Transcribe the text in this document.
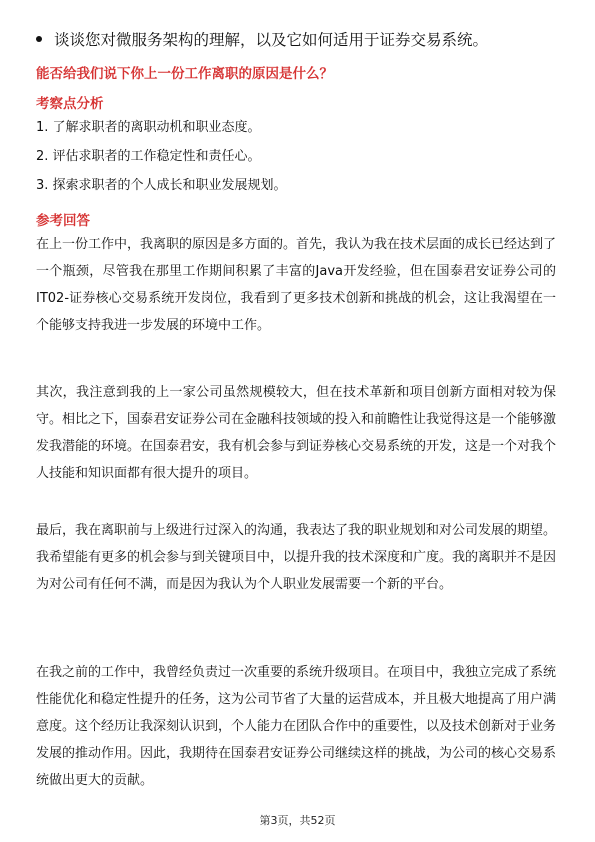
谈谈您对微服务架构的理解，以及它如何适用于证券交易系统。
能否给我们说下你上一份工作离职的原因是什么？
考察点分析
1. 了解求职者的离职动机和职业态度。
2. 评估求职者的工作稳定性和责任心。
3. 探索求职者的个人成长和职业发展规划。
参考回答

在上一份工作中，我离职的原因是多方面的。首先，我认为我在技术层面的成长已经达到了一个瓶颈，尽管我在那里工作期间积累了丰富的Java开发经验，但在国泰君安证券公司的IT02-证券核心交易系统开发岗位，我看到了更多技术创新和挑战的机会，这让我渴望在一个能够支持我进一步发展的环境中工作。

其次，我注意到我的上一家公司虽然规模较大，但在技术革新和项目创新方面相对较为保守。相比之下，国泰君安证券公司在金融科技领域的投入和前瞻性让我觉得这是一个能够激发我潜能的环境。在国泰君安，我有机会参与到证券核心交易系统的开发，这是一个对我个人技能和知识面都有很大提升的项目。

最后，我在离职前与上级进行过深入的沟通，我表达了我的职业规划和对公司发展的期望。我希望能有更多的机会参与到关键项目中，以提升我的技术深度和广度。我的离职并不是因为对公司有任何不满，而是因为我认为个人职业发展需要一个新的平台。

在我之前的工作中，我曾经负责过一次重要的系统升级项目。在项目中，我独立完成了系统性能优化和稳定性提升的任务，这为公司节省了大量的运营成本，并且极大地提高了用户满意度。这个经历让我深刻认识到，个人能力在团队合作中的重要性，以及技术创新对于业务发展的推动作用。因此，我期待在国泰君安证券公司继续这样的挑战，为公司的核心交易系统做出更大的贡献。

第3页，共52页
